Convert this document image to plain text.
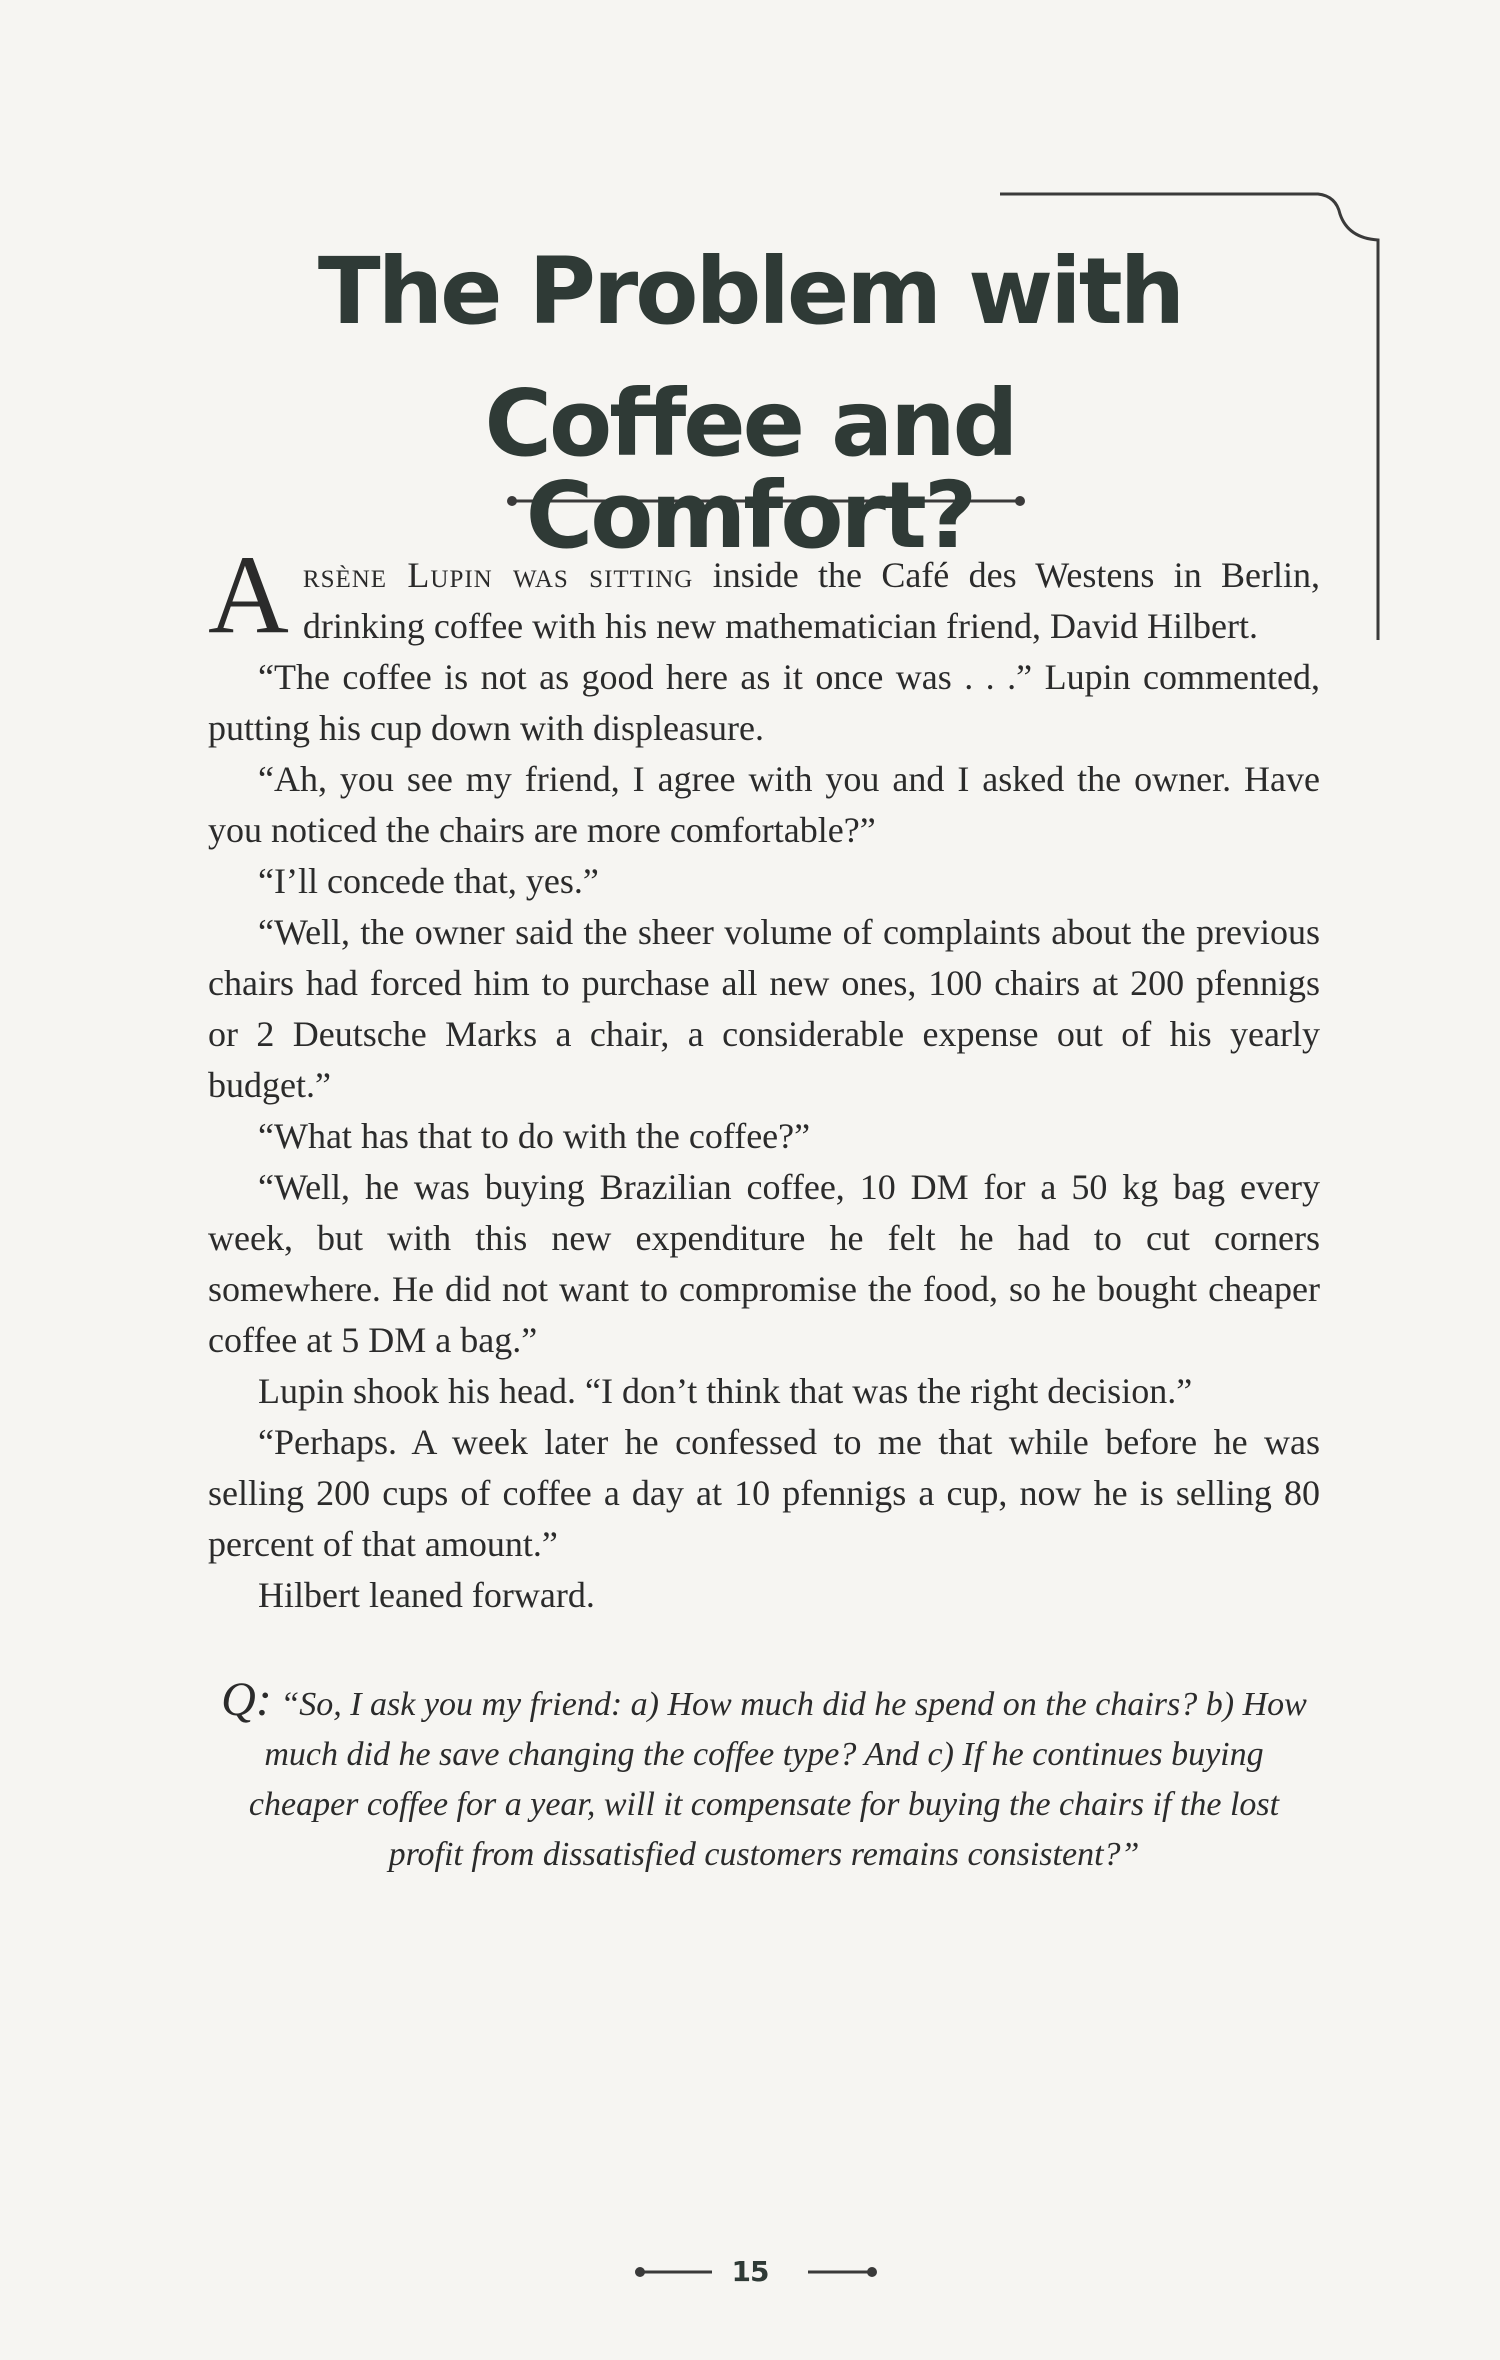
The Problem with
Coffee and Comfort?

Arsène Lupin was sitting inside the Café des Westens in Berlin, drinking coffee with his new mathematician friend, David Hilbert.

“The coffee is not as good here as it once was . . .” Lupin commented, putting his cup down with displeasure.

“Ah, you see my friend, I agree with you and I asked the owner. Have you noticed the chairs are more comfortable?”

“I’ll concede that, yes.”

“Well, the owner said the sheer volume of complaints about the previous chairs had forced him to purchase all new ones, 100 chairs at 200 pfennigs or 2 Deutsche Marks a chair, a considerable expense out of his yearly budget.”

“What has that to do with the coffee?”

“Well, he was buying Brazilian coffee, 10 DM for a 50 kg bag every week, but with this new expenditure he felt he had to cut corners somewhere. He did not want to compromise the food, so he bought cheaper coffee at 5 DM a bag.”

Lupin shook his head. “I don’t think that was the right decision.”

“Perhaps. A week later he confessed to me that while before he was selling 200 cups of coffee a day at 10 pfennigs a cup, now he is selling 80 percent of that amount.”

Hilbert leaned forward.

Q: “So, I ask you my friend: a) How much did he spend on the chairs? b) How much did he save changing the coffee type? And c) If he continues buying cheaper coffee for a year, will it compensate for buying the chairs if the lost profit from dissatisfied customers remains consistent?”
15
